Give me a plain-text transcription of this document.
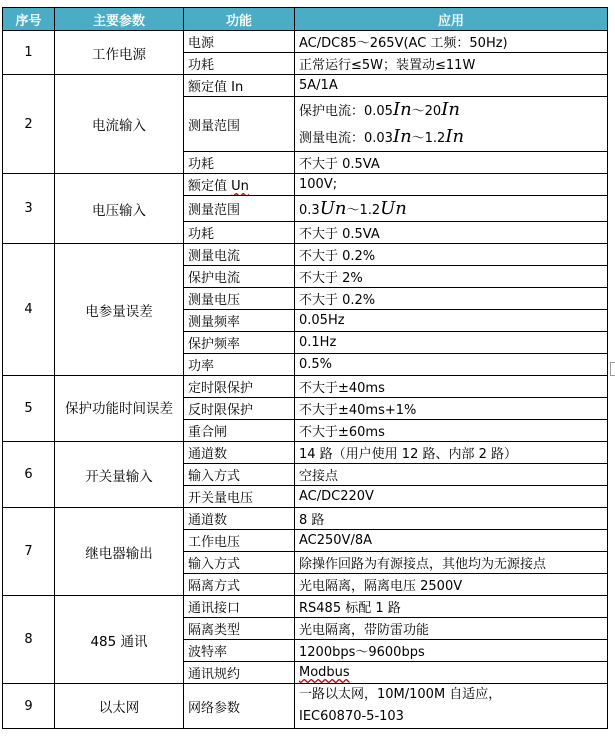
序号	主要参数	功能	应用
1	工作电源	电源	AC/DC85～265V(AC 工频：50Hz)
		功耗	正常运行≤5W；装置动≤11W
2	电流输入	额定值 In	5A/1A
		测量范围	保护电流：0.05In～20In
测量电流：0.03In～1.2In

		功耗	不大于 0.5VA
3	电压输入	额定值 Un	100V;
		测量范围	0.3Un～1.2Un
		功耗	不大于 0.5VA
4	电参量误差	测量电流	不大于 0.2%
		保护电流	不大于 2%
		测量电压	不大于 0.2%
		测量频率	0.05Hz
		保护频率	0.1Hz
		功率	0.5%
5	保护功能时间误差	定时限保护	不大于±40ms
		反时限保护	不大于±40ms+1%
		重合闸	不大于±60ms
6	开关量输入	通道数	14 路（用户使用 12 路、内部 2 路）
		输入方式	空接点
		开关量电压	AC/DC220V
7	继电器输出	通道数	8 路
		工作电压	AC250V/8A
		输入方式	除操作回路为有源接点，其他均为无源接点
		隔离方式	光电隔离，隔离电压 2500V
8	485 通讯	通讯接口	RS485 标配 1 路
		隔离类型	光电隔离，带防雷功能
		波特率	1200bps～9600bps
		通讯规约	Modbus
9	以太网	网络参数	一路以太网，10M/100M 自适应，
IEC60870-5-103
